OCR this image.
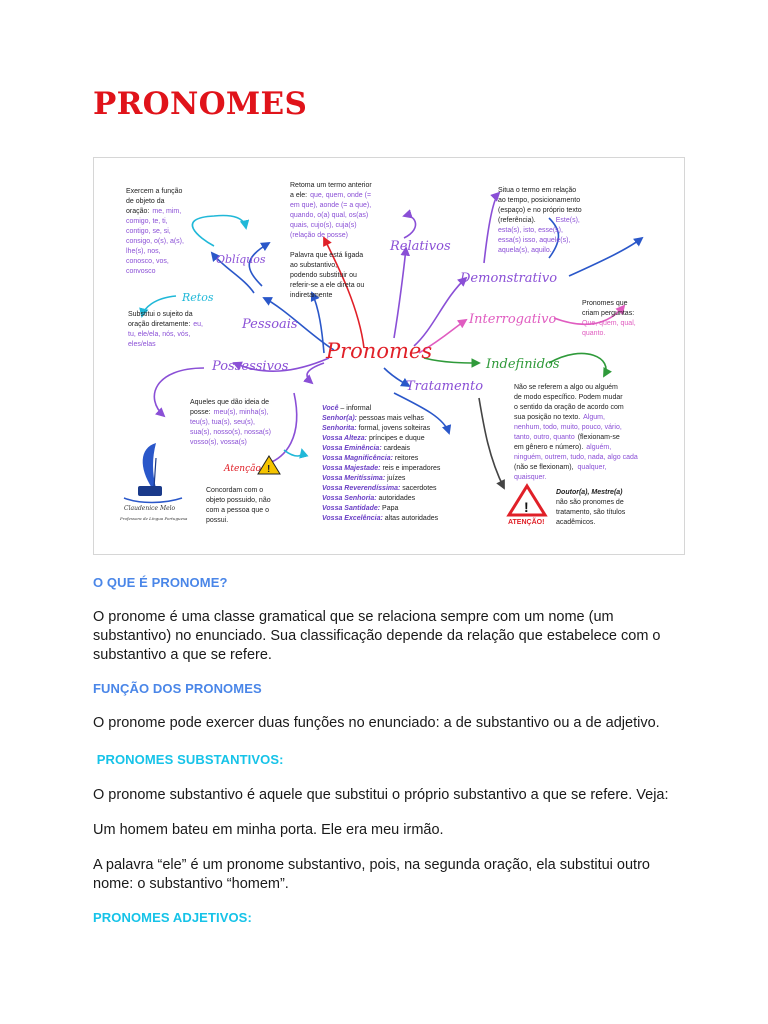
PRONOMES
Pronomes
Oblíquos
Retos
Pessoais
Possessivos
Relativos
Demonstrativo
Interrogativo
Indefinidos
Tratamento
Exercem a função de objeto da oração: me, mim, comigo, te, ti, contigo, se, si, consigo, o(s), a(s), lhe(s), nos, conosco, vos, convosco
Substitui o sujeito da oração diretamente: eu, tu, ele/ela, nós, vós, eles/elas
Palavra que está ligada ao substantivo, podendo substituir ou referir-se a ele direta ou indiretamente
Retoma um termo anterior a ele: que, quem, onde (= em que), aonde (= a que), quando, o(a) qual, os(as) quais, cujo(s), cuja(s) (relação de posse)
Situa o termo em relação ao tempo, posicionamento (espaço) e no próprio texto (referência).	Este(s), esta(s), isto, esse(s), essa(s) isso, aquele(s), aquela(s), aquilo.
Pronomes que criam perguntas: Que, quem, qual, quanto.
Não se referem a algo ou alguém de modo específico. Podem mudar o sentido da oração de acordo com sua posição no texto. Algum, nenhum, todo, muito, pouco, vário, tanto, outro, quanto (flexionam-se em gênero e número). alguém, ninguém, outrem, tudo, nada, algo cada (não se flexionam), qualquer, quaisquer.
Aqueles que dão ideia de posse: meu(s), minha(s), teu(s), tua(s), seu(s), sua(s), nosso(s), nossa(s) vosso(s), vossa(s)
Atenção !
Concordam com o objeto possuido, não com a pessoa que o possui.
Você – informal Senhor(a): pessoas mais velhas Senhorita: formal, jovens solteiras Vossa Alteza: príncipes e duque Vossa Eminência: cardeais Vossa Magnificência: reitores Vossa Majestade: reis e imperadores Vossa Meritíssima: juízes Vossa Reverendíssima: sacerdotes Vossa Senhoria: autoridades Vossa Santidade: Papa Vossa Excelência: altas autoridades
!
ATENÇÃO!
Doutor(a), Mestre(a) não são pronomes de tratamento, são títulos acadêmicos.
Claudenice Melo Professora de Língua Portuguesa
O QUE É PRONOME?

O pronome é uma classe gramatical que se relaciona sempre com um nome (um substantivo) no enunciado. Sua classificação depende da relação que estabelece com o substantivo a que se refere.

FUNÇÃO DOS PRONOMES

O pronome pode exercer duas funções no enunciado: a de substantivo ou a de adjetivo.

PRONOMES SUBSTANTIVOS:

O pronome substantivo é aquele que substitui o próprio substantivo a que se refere. Veja:

Um homem bateu em minha porta. Ele era meu irmão.

A palavra “ele” é um pronome substantivo, pois, na segunda oração, ela substitui outro nome: o substantivo “homem”.

PRONOMES ADJETIVOS:
